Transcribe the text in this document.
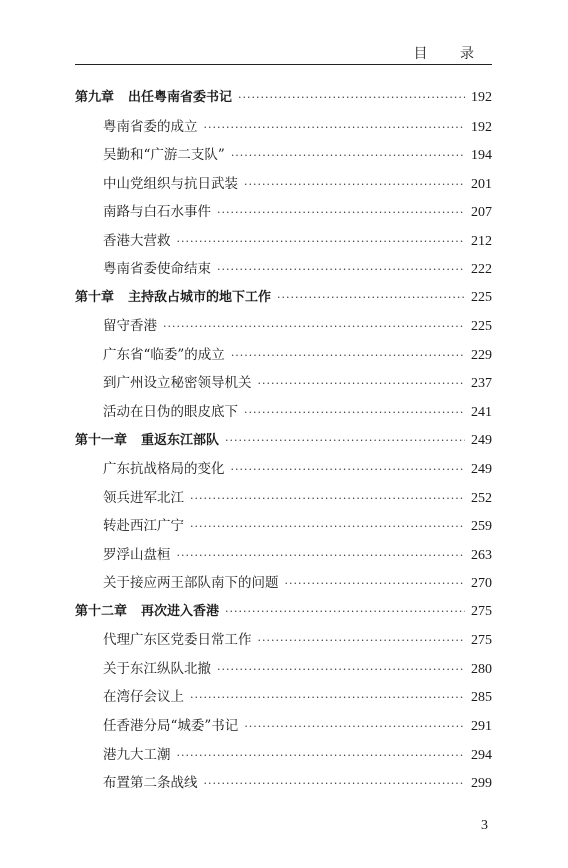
目 录
第九章 出任粤南省委书记 ·····	192
粤南省委的成立 ·····	192
吴勤和“广游二支队” ·····	194
中山党组织与抗日武装 ·····	201
南路与白石水事件 ·····	207
香港大营救 ·····	212
粤南省委使命结束 ·····	222
第十章 主持敌占城市的地下工作 ·····	225
留守香港 ·····	225
广东省“临委”的成立 ·····	229
到广州设立秘密领导机关 ·····	237
活动在日伪的眼皮底下 ·····	241
第十一章 重返东江部队 ·····	249
广东抗战格局的变化 ·····	249
领兵进军北江 ·····	252
转赴西江广宁 ·····	259
罗浮山盘桓 ·····	263
关于接应两王部队南下的问题 ·····	270
第十二章 再次进入香港 ·····	275
代理广东区党委日常工作 ·····	275
关于东江纵队北撤 ·····	280
在湾仔会议上 ·····	285
任香港分局“城委”书记 ·····	291
港九大工潮 ·····	294
布置第二条战线 ·····	299
3
